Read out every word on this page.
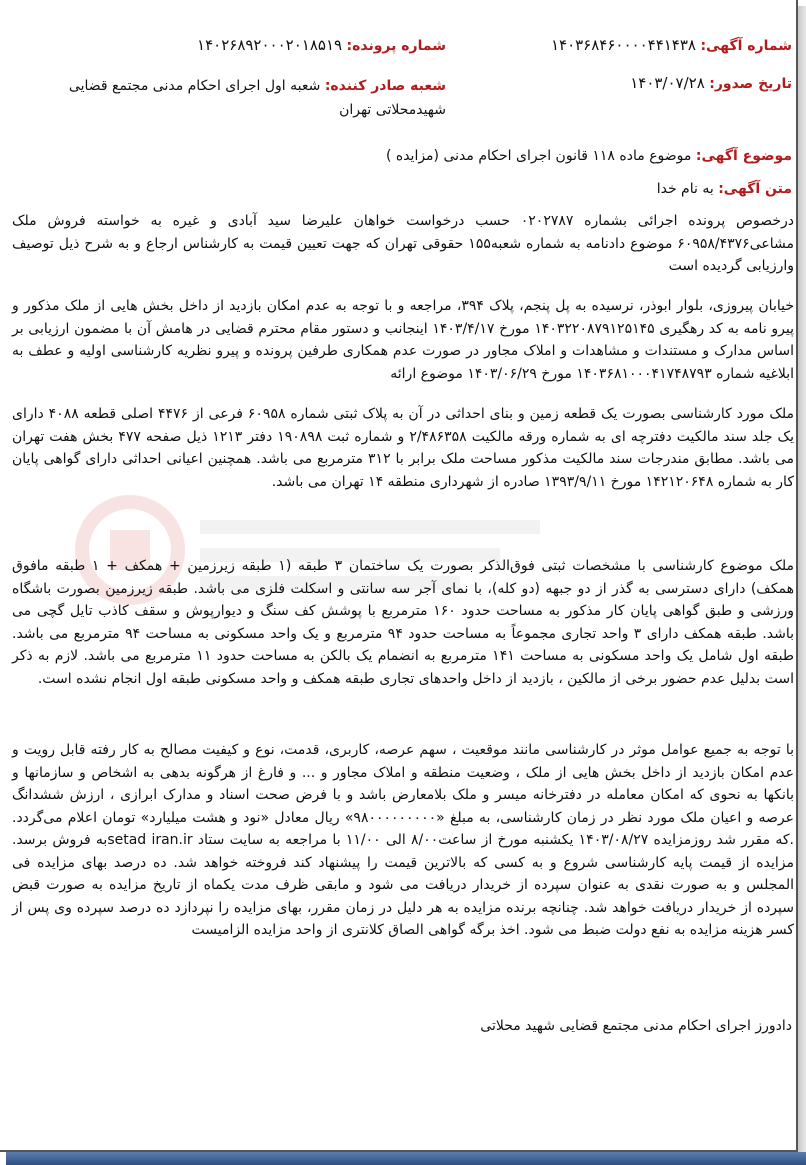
شماره آگهی: ۱۴۰۳۶۸۴۶۰۰۰۰۴۴۱۴۳۸
شماره پرونده: ۱۴۰۲۶۸۹۲۰۰۰۲۰۱۸۵۱۹
تاریخ صدور: ۱۴۰۳/۰۷/۲۸
شعبه صادر کننده: شعبه اول اجرای احکام مدنی مجتمع قضایی شهیدمحلاتی تهران
موضوع آگهی: موضوع ماده ۱۱۸ قانون اجرای احکام مدنی (مزایده )
متن آگهی: به نام خدا
درخصوص پرونده اجرائی بشماره ۰۲۰۲۷۸۷ حسب درخواست خواهان علیرضا سید آبادی و غیره به خواسته فروش ملک مشاعی۶۰۹۵۸/۴۳۷۶ موضوع دادنامه به شماره شعبه۱۵۵ حقوقی تهران که جهت تعیین قیمت به کارشناس ارجاع و به شرح ذیل توصیف وارزیابی گردیده است
خیابان پیروزی، بلوار ابوذر، نرسیده به پل پنجم، پلاک ۳۹۴، مراجعه و با توجه به عدم امکان بازدید از داخل بخش هایی از ملک مذکور و پیرو نامه به کد رهگیری ۱۴۰۳۲۲۰۸۷۹۱۲۵۱۴۵ مورخ ۱۴۰۳/۴/۱۷ اینجانب و دستور مقام محترم قضایی در هامش آن با مضمون ارزیابی بر اساس مدارک و مستندات و مشاهدات و املاک مجاور در صورت عدم همکاری طرفین پرونده و پیرو نظریه کارشناسی اولیه و عطف به ابلاغیه شماره ۱۴۰۳۶۸۱۰۰۰۴۱۷۴۸۷۹۳ مورخ ۱۴۰۳/۰۶/۲۹ موضوع ارائه
ملک مورد کارشناسی بصورت یک قطعه زمین و بنای احداثی در آن به پلاک ثبتی شماره ۶۰۹۵۸ فرعی از ۴۴۷۶ اصلی قطعه ۴۰۸۸ دارای یک جلد سند مالکیت دفترچه ای به شماره ورقه مالکیت ۲/۴۸۶۳۵۸ و شماره ثبت ۱۹۰۸۹۸ دفتر ۱۲۱۳ ذیل صفحه ۴۷۷ بخش هفت تهران می باشد. مطابق مندرجات سند مالکیت مذکور مساحت ملک برابر با ۳۱۲ مترمربع می باشد. همچنین اعیانی احداثی دارای گواهی پایان کار به شماره ۱۴۲۱۲۰۶۴۸ مورخ ۱۳۹۳/۹/۱۱ صادره از شهرداری منطقه ۱۴ تهران می باشد.
ملک موضوع کارشناسی با مشخصات ثبتی فوق‌الذکر بصورت یک ساختمان ۳ طبقه (۱ طبقه زیرزمین + همکف + ۱ طبقه مافوق همکف) دارای دسترسی به گذر از دو جبهه (دو کله)، با نمای آجر سه سانتی و اسکلت فلزی می باشد. طبقه زیرزمین بصورت باشگاه ورزشی و طبق گواهی پایان کار مذکور به مساحت حدود ۱۶۰ مترمربع با پوشش کف سنگ و دیوارپوش و سقف کاذب تایل گچی می باشد. طبقه همکف دارای ۳ واحد تجاری مجموعاً به مساحت حدود ۹۴ مترمربع و یک واحد مسکونی به مساحت ۹۴ مترمربع می باشد. طبقه اول شامل یک واحد مسکونی به مساحت ۱۴۱ مترمربع به انضمام یک بالکن به مساحت حدود ۱۱ مترمربع می باشد. لازم به ذکر است بدلیل عدم حضور برخی از مالکین ، بازدید از داخل واحدهای تجاری طبقه همکف و واحد مسکونی طبقه اول انجام نشده است.
با توجه به جمیع عوامل موثر در کارشناسی مانند موقعیت ، سهم عرصه، کاربری، قدمت، نوع و کیفیت مصالح به کار رفته قابل رویت و عدم امکان بازدید از داخل بخش هایی از ملک ، وضعیت منطقه و املاک مجاور و ... و فارغ از هرگونه بدهی به اشخاص و سازمانها و بانکها به نحوی که امکان معامله در دفترخانه میسر و ملک بلامعارض باشد و با فرض صحت اسناد و مدارک ابرازی ، ارزش ششدانگ عرصه و اعیان ملک مورد نظر در زمان کارشناسی، به مبلغ «۹۸۰۰۰۰۰۰۰۰۰» ریال معادل «نود و هشت میلیارد» تومان اعلام می‌گردد. .که مقرر شد روزمزایده ۱۴۰۳/۰۸/۲۷ یکشنبه مورخ از ساعت۸/۰۰ الی ۱۱/۰۰ با مراجعه به سایت ستاد setad iran.irبه فروش برسد. مزایده از قیمت پایه کارشناسی شروع و به کسی که بالاترین قیمت را پیشنهاد کند فروخته خواهد شد. ده درصد بهای مزایده فی المجلس و به صورت نقدی به عنوان سپرده از خریدار دریافت می شود و مابقی ظرف مدت یکماه از تاریخ مزایده به صورت قبض سپرده از خریدار دریافت خواهد شد. چنانچه برنده مزایده به هر دلیل در زمان مقرر، بهای مزایده را نپردازد ده درصد سپرده وی پس از کسر هزینه مزایده به نفع دولت ضبط می شود. اخذ برگه گواهی الصاق کلانتری از واحد مزایده الزامیست
دادورز اجرای احکام مدنی مجتمع قضایی شهید محلاتی
